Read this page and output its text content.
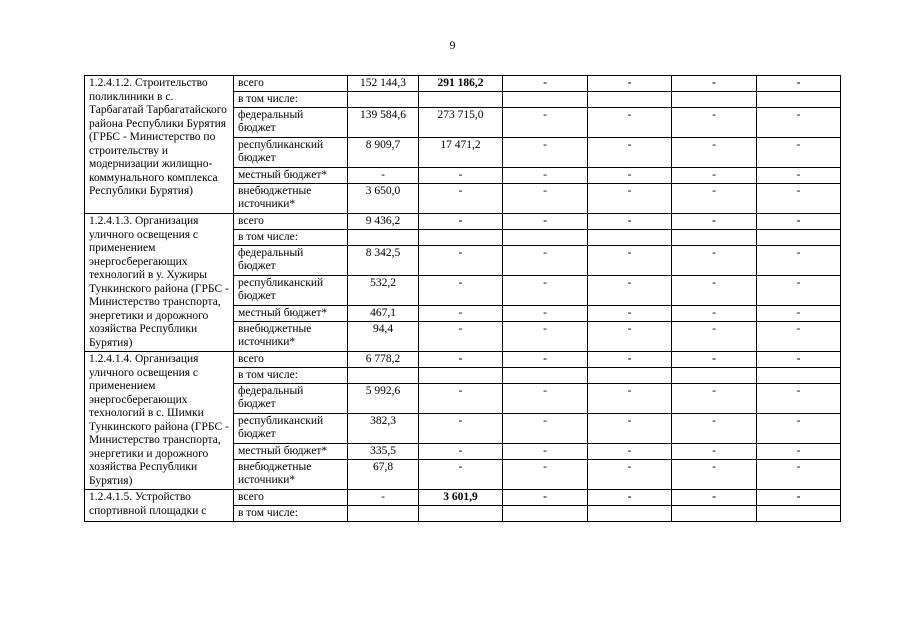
9
1.2.4.1.2. Строительство поликлиники в с. Тарбагатай Тарбагатайского района Республики Бурятия (ГРБС - Министерство по строительству и модернизации жилищно-коммунального комплекса Республики Бурятия)	всего	152 144,3	291 186,2	-	-	-	-
	в том числе:						
	федеральный бюджет	139 584,6	273 715,0	-	-	-	-
	республиканский бюджет	8 909,7	17 471,2	-	-	-	-
	местный бюджет*	-	-	-	-	-	-
	внебюджетные источники*	3 650,0	-	-	-	-	-
1.2.4.1.3. Организация уличного освещения с применением энергосберегающих технологий в у. Хужиры Тункинского района (ГРБС - Министерство транспорта, энергетики и дорожного хозяйства Республики Бурятия)	всего	9 436,2	-	-	-	-	-
	в том числе:						
	федеральный бюджет	8 342,5	-	-	-	-	-
	республиканский бюджет	532,2	-	-	-	-	-
	местный бюджет*	467,1	-	-	-	-	-
	внебюджетные источники*	94,4	-	-	-	-	-
1.2.4.1.4. Организация уличного освещения с применением энергосберегающих технологий в с. Шимки Тункинского района (ГРБС - Министерство транспорта, энергетики и дорожного хозяйства Республики Бурятия)	всего	6 778,2	-	-	-	-	-
	в том числе:						
	федеральный бюджет	5 992,6	-	-	-	-	-
	республиканский бюджет	382,3	-	-	-	-	-
	местный бюджет*	335,5	-	-	-	-	-
	внебюджетные источники*	67,8	-	-	-	-	-
1.2.4.1.5. Устройство спортивной площадки с	всего	-	3 601,9	-	-	-	-
	в том числе:						
